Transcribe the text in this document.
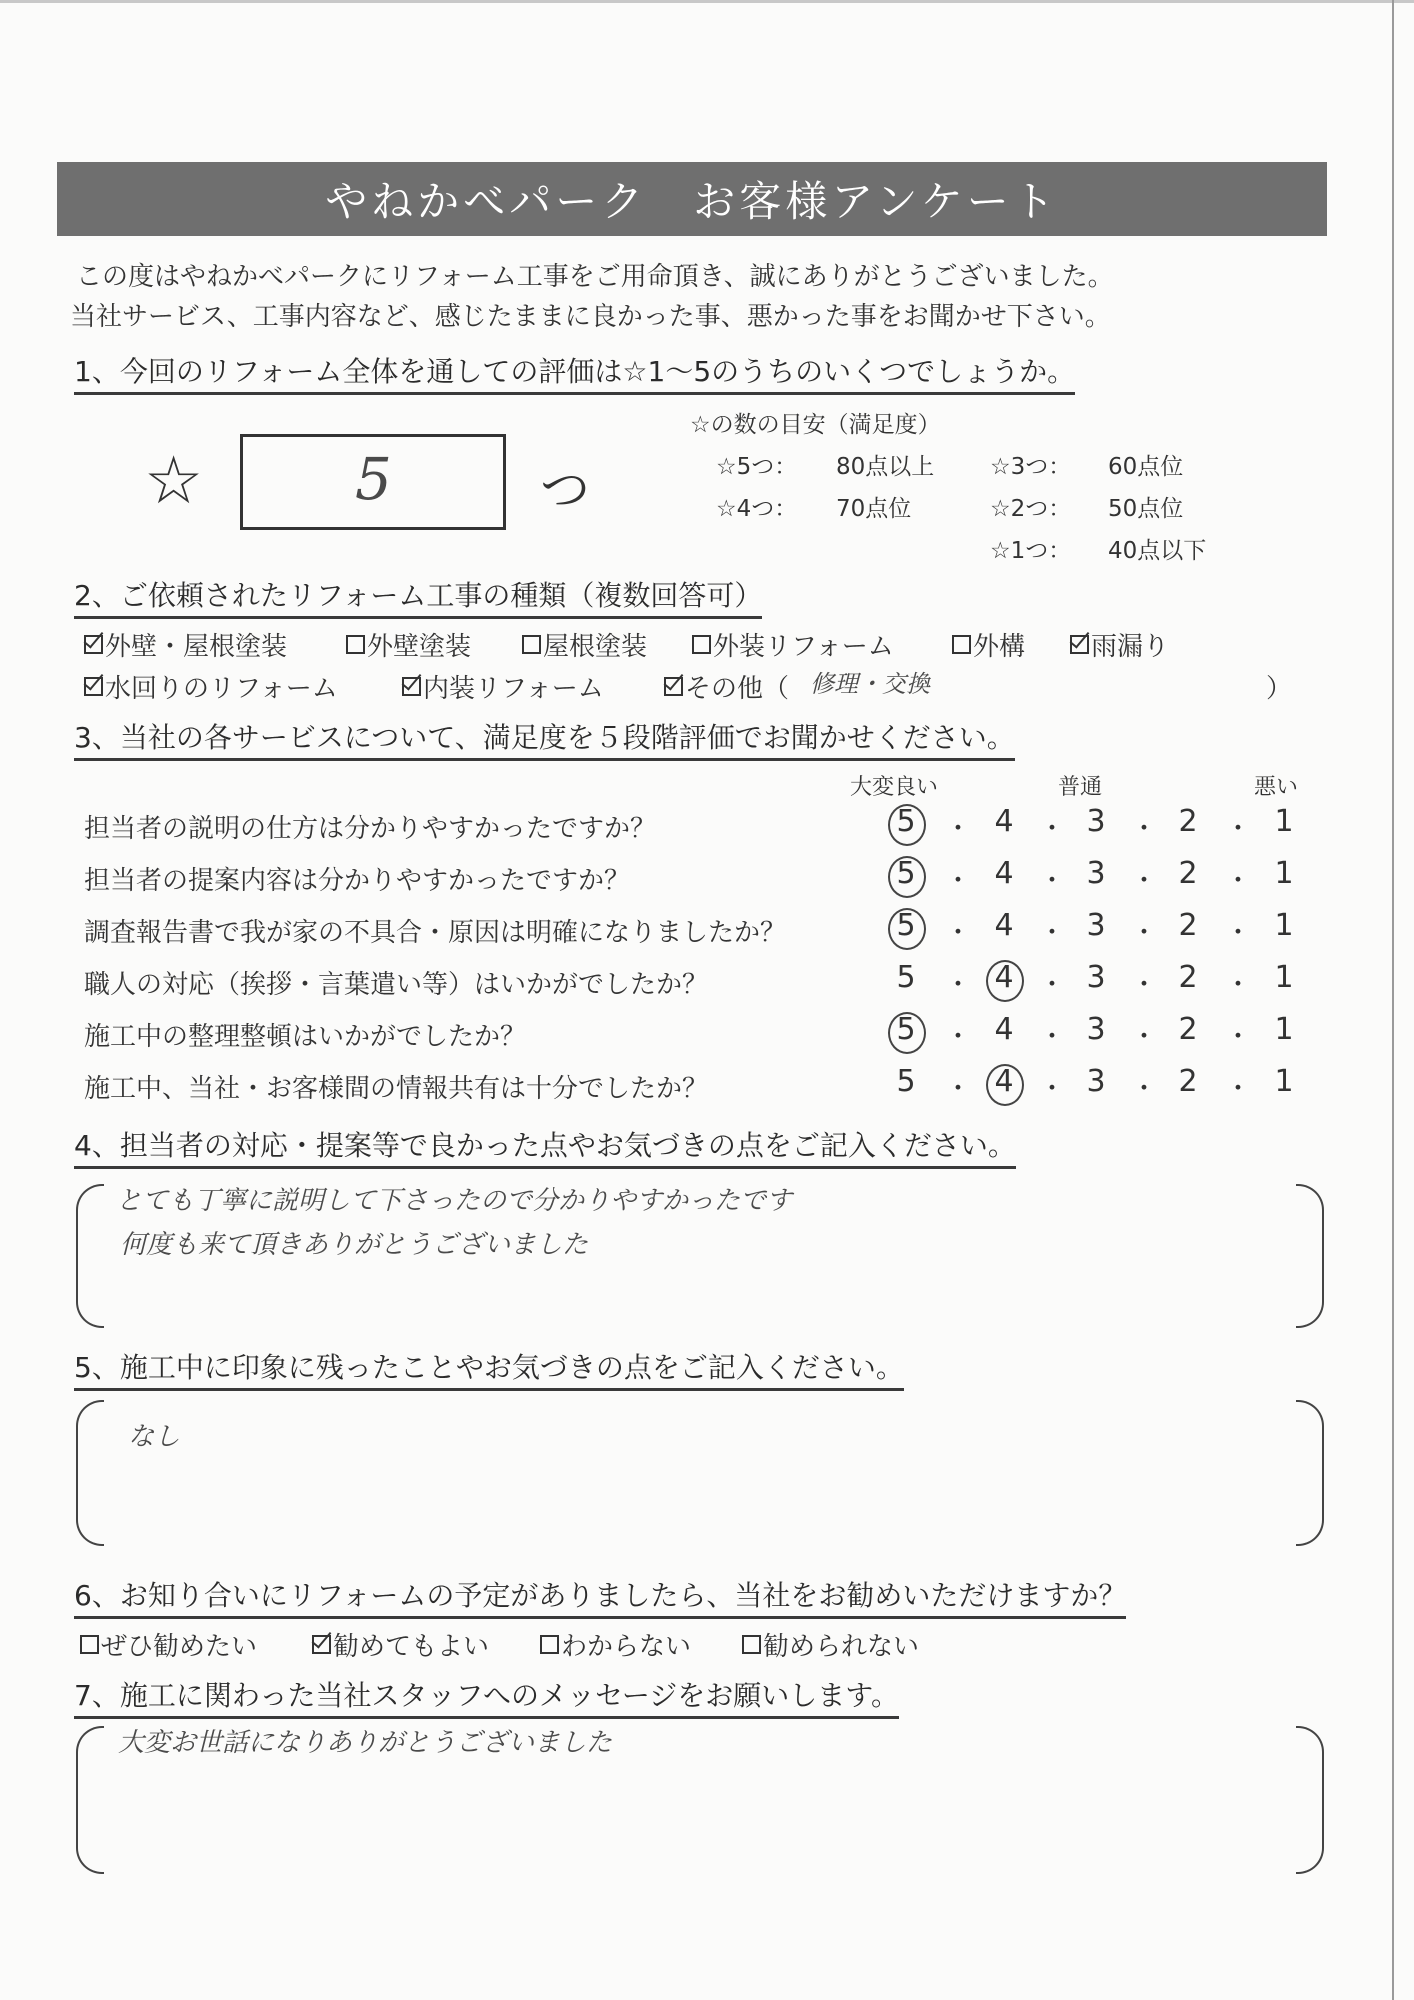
やねかべパーク　お客様アンケート
この度はやねかべパークにリフォーム工事をご用命頂き、誠にありがとうございました。
当社サービス、工事内容など、感じたままに良かった事、悪かった事をお聞かせ下さい。
1、今回のリフォーム全体を通しての評価は☆1～5のうちのいくつでしょうか。
☆	5	つ
☆の数の目安（満足度）
☆5つ： 80点以上
☆4つ： 70点位
☆3つ： 60点位
☆2つ： 50点位
☆1つ： 40点以下
2、ご依頼されたリフォーム工事の種類（複数回答可）
外壁・屋根塗装	外壁塗装	屋根塗装	外装リフォーム	外構	雨漏り
水回りのリフォーム	内装リフォーム	その他（ 修理・交換	）
3、当社の各サービスについて、満足度を５段階評価でお聞かせください。
大変良い	普通	悪い
担当者の説明の仕方は分かりやすかったですか？	5	・ 4 ・ 3 ・ 2	・ 1
担当者の提案内容は分かりやすかったですか？	5	・ 4 ・ 3 ・ 2	・ 1
調査報告書で我が家の不具合・原因は明確になりましたか？	5	・ 4 ・ 3 ・ 2	・ 1
職人の対応（挨拶・言葉遣い等）はいかがでしたか？	5	・ 4 ・ 3 ・ 2	・ 1
施工中の整理整頓はいかがでしたか？	5	・ 4 ・ 3 ・ 2	・ 1
施工中、当社・お客様間の情報共有は十分でしたか？	5	・ 4 ・ 3 ・ 2	・ 1
4、担当者の対応・提案等で良かった点やお気づきの点をご記入ください。
とても丁寧に説明して下さったので分かりやすかったです
何度も来て頂きありがとうございました
5、施工中に印象に残ったことやお気づきの点をご記入ください。
なし
6、お知り合いにリフォームの予定がありましたら、当社をお勧めいただけますか？
ぜひ勧めたい	勧めてもよい	わからない	勧められない
7、施工に関わった当社スタッフへのメッセージをお願いします。
大変お世話になりありがとうございました
